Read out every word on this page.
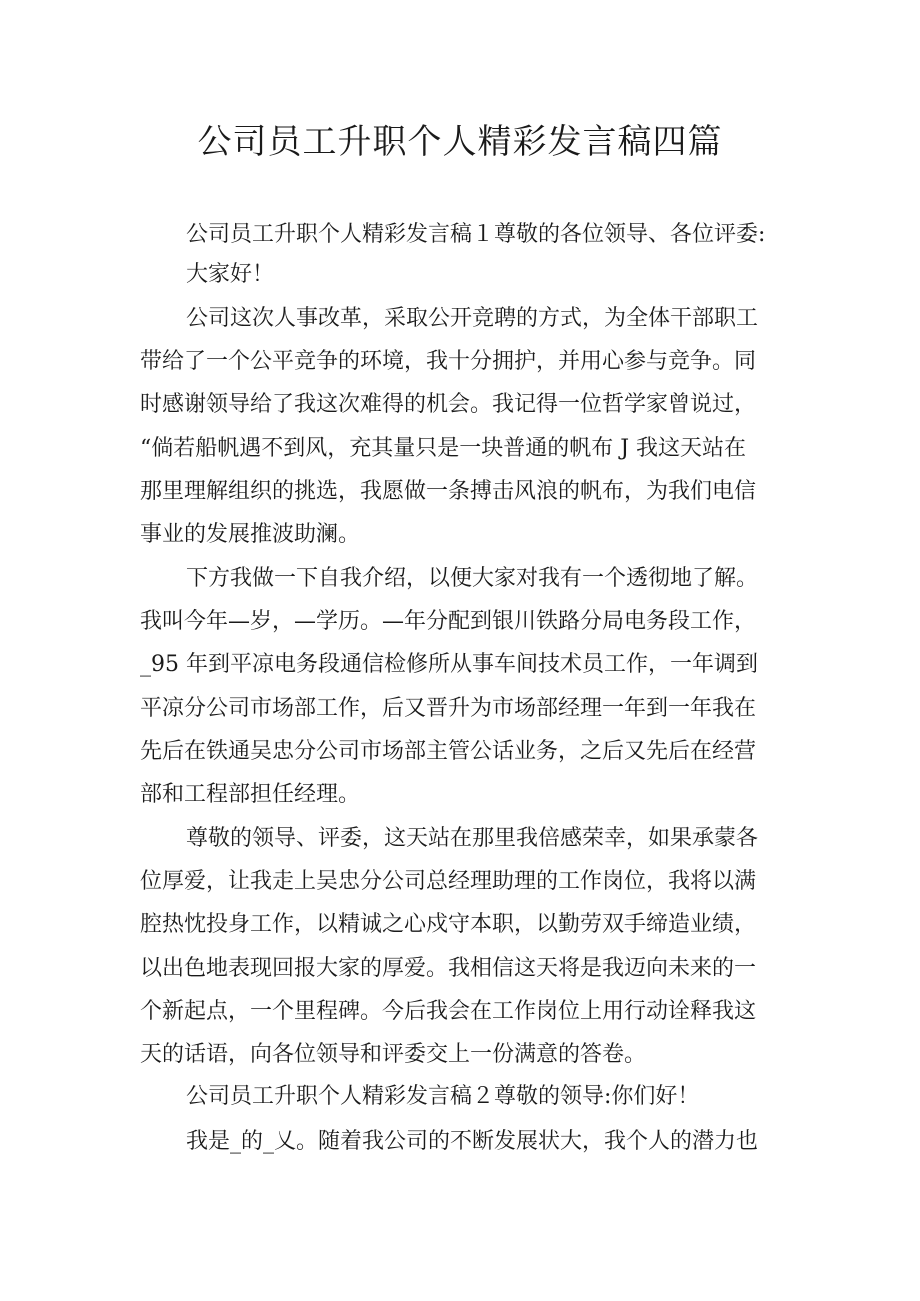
公司员工升职个人精彩发言稿四篇
公司员工升职个人精彩发言稿１尊敬的各位领导、各位评委:
大家好！
公司这次人事改革，采取公开竞聘的方式，为全体干部职工
带给了一个公平竞争的环境，我十分拥护，并用心参与竞争。同
时感谢领导给了我这次难得的机会。我记得一位哲学家曾说过，
“倘若船帆遇不到风，充其量只是一块普通的帆布 J 我这天站在
那里理解组织的挑选，我愿做一条搏击风浪的帆布，为我们电信
事业的发展推波助澜。
下方我做一下自我介绍，以便大家对我有一个透彻地了解。
我叫今年—岁，—学历。—年分配到银川铁路分局电务段工作，
_95 年到平凉电务段通信检修所从事车间技术员工作，一年调到
平凉分公司市场部工作，后又晋升为市场部经理一年到一年我在
先后在铁通吴忠分公司市场部主管公话业务，之后又先后在经营
部和工程部担任经理。
尊敬的领导、评委，这天站在那里我倍感荣幸，如果承蒙各
位厚爱，让我走上吴忠分公司总经理助理的工作岗位，我将以满
腔热忱投身工作，以精诚之心戍守本职，以勤劳双手缔造业绩，
以出色地表现回报大家的厚爱。我相信这天将是我迈向未来的一
个新起点，一个里程碑。今后我会在工作岗位上用行动诠释我这
天的话语，向各位领导和评委交上一份满意的答卷。
公司员工升职个人精彩发言稿２尊敬的领导:你们好！
我是_的_乂。随着我公司的不断发展状大，我个人的潜力也
